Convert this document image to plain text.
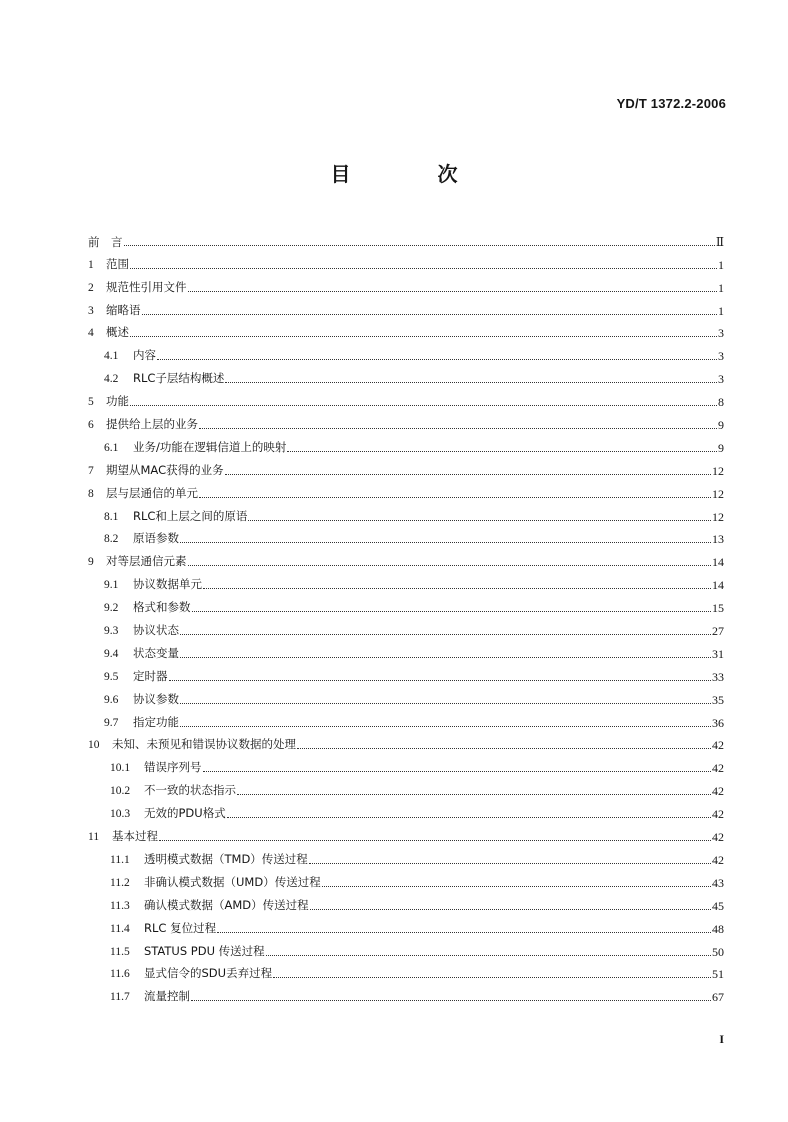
YD/T 1372.2-2006
目 次
前　言	Ⅱ
1 范围	1
2 规范性引用文件	1
3 缩略语	1
4 概述	3
4.1 内容	3
4.2 RLC子层结构概述	3
5 功能	8
6 提供给上层的业务	9
6.1 业务/功能在逻辑信道上的映射	9
7 期望从MAC获得的业务	12
8 层与层通信的单元	12
8.1 RLC和上层之间的原语	12
8.2 原语参数	13
9 对等层通信元素	14
9.1 协议数据单元	14
9.2 格式和参数	15
9.3 协议状态	27
9.4 状态变量	31
9.5 定时器	33
9.6 协议参数	35
9.7 指定功能	36
10 未知、未预见和错误协议数据的处理	42
10.1 错误序列号	42
10.2 不一致的状态指示	42
10.3 无效的PDU格式	42
11 基本过程	42
11.1 透明模式数据（TMD）传送过程	42
11.2 非确认模式数据（UMD）传送过程	43
11.3 确认模式数据（AMD）传送过程	45
11.4 RLC 复位过程	48
11.5 STATUS PDU 传送过程	50
11.6 显式信令的SDU丢弃过程	51
11.7 流量控制	67
I
